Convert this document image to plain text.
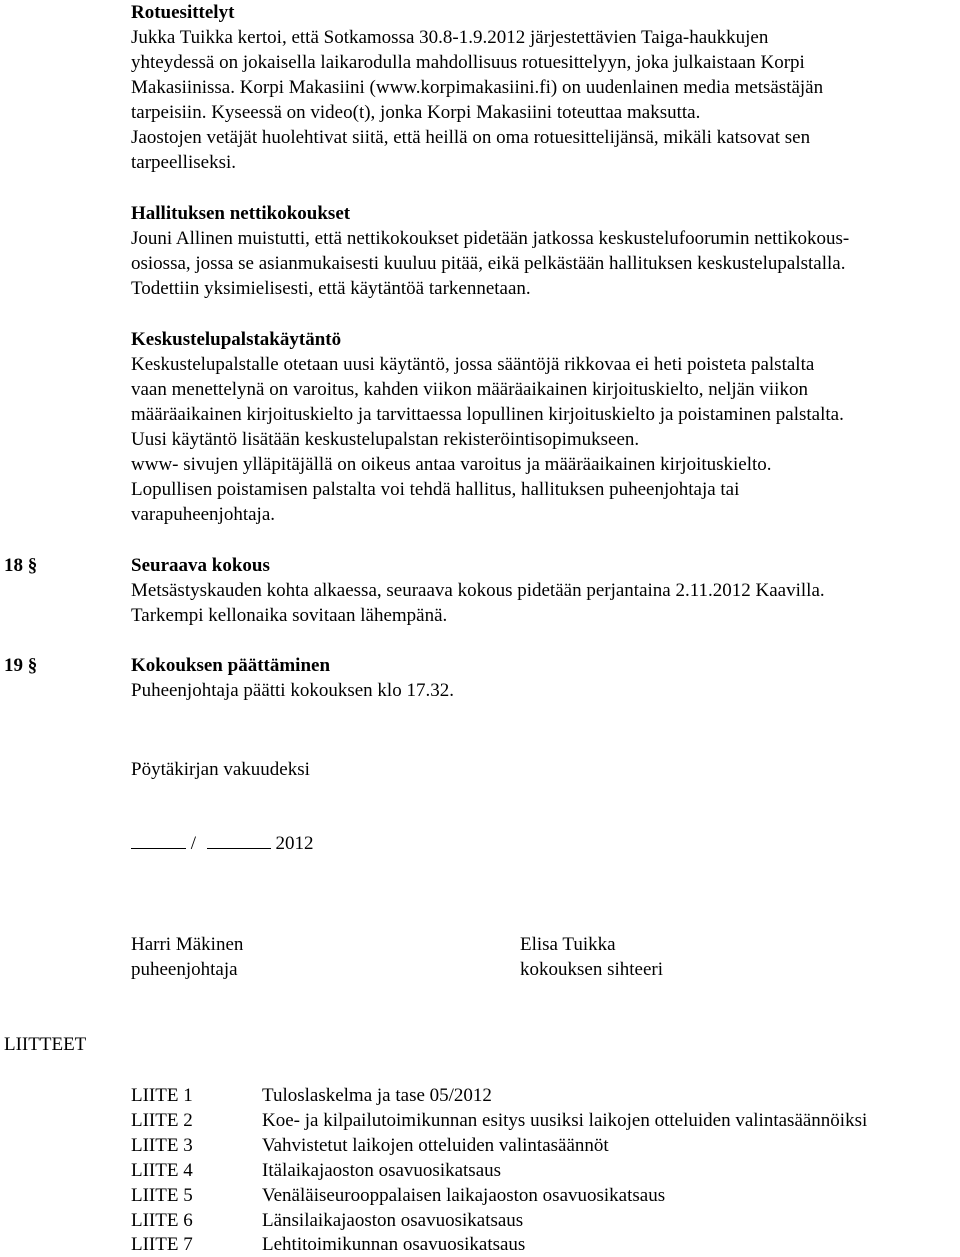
Rotuesittelyt
Jukka Tuikka kertoi, että Sotkamossa 30.8-1.9.2012 järjestettävien Taiga-haukkujen
yhteydessä on jokaisella laikarodulla mahdollisuus rotuesittelyyn, joka julkaistaan Korpi
Makasiinissa. Korpi Makasiini (www.korpimakasiini.fi) on uudenlainen media metsästäjän
tarpeisiin. Kyseessä on video(t), jonka Korpi Makasiini toteuttaa maksutta.
Jaostojen vetäjät huolehtivat siitä, että heillä on oma rotuesittelijänsä, mikäli katsovat sen
tarpeelliseksi.
Hallituksen nettikokoukset
Jouni Allinen muistutti, että nettikokoukset pidetään jatkossa keskustelufoorumin nettikokous-
osiossa, jossa se asianmukaisesti kuuluu pitää, eikä pelkästään hallituksen keskustelupalstalla.
Todettiin yksimielisesti, että käytäntöä tarkennetaan.
Keskustelupalstakäytäntö
Keskustelupalstalle otetaan uusi käytäntö, jossa sääntöjä rikkovaa ei heti poisteta palstalta
vaan menettelynä on varoitus, kahden viikon määräaikainen kirjoituskielto, neljän viikon
määräaikainen kirjoituskielto ja tarvittaessa lopullinen kirjoituskielto ja poistaminen palstalta.
Uusi käytäntö lisätään keskustelupalstan rekisteröintisopimukseen.
www- sivujen ylläpitäjällä on oikeus antaa varoitus ja määräaikainen kirjoituskielto.
Lopullisen poistamisen palstalta voi tehdä hallitus, hallituksen puheenjohtaja tai
varapuheenjohtaja.
18 §	Seuraava kokous
Metsästyskauden kohta alkaessa, seuraava kokous pidetään perjantaina 2.11.2012 Kaavilla.
Tarkempi kellonaika sovitaan lähempänä.
19 §	Kokouksen päättäminen
Puheenjohtaja päätti kokouksen klo 17.32.
Pöytäkirjan vakuudeksi
/	2012
Harri Mäkinen
puheenjohtaja
Elisa Tuikka
kokouksen sihteeri
LIITTEET
LIITE 1	Tuloslaskelma ja tase 05/2012
LIITE 2	Koe- ja kilpailutoimikunnan esitys uusiksi laikojen otteluiden valintasäännöiksi
LIITE 3	Vahvistetut laikojen otteluiden valintasäännöt
LIITE 4	Itälaikajaoston osavuosikatsaus
LIITE 5	Venäläiseurooppalaisen laikajaoston osavuosikatsaus
LIITE 6	Länsilaikajaoston osavuosikatsaus
LIITE 7	Lehtitoimikunnan osavuosikatsaus
